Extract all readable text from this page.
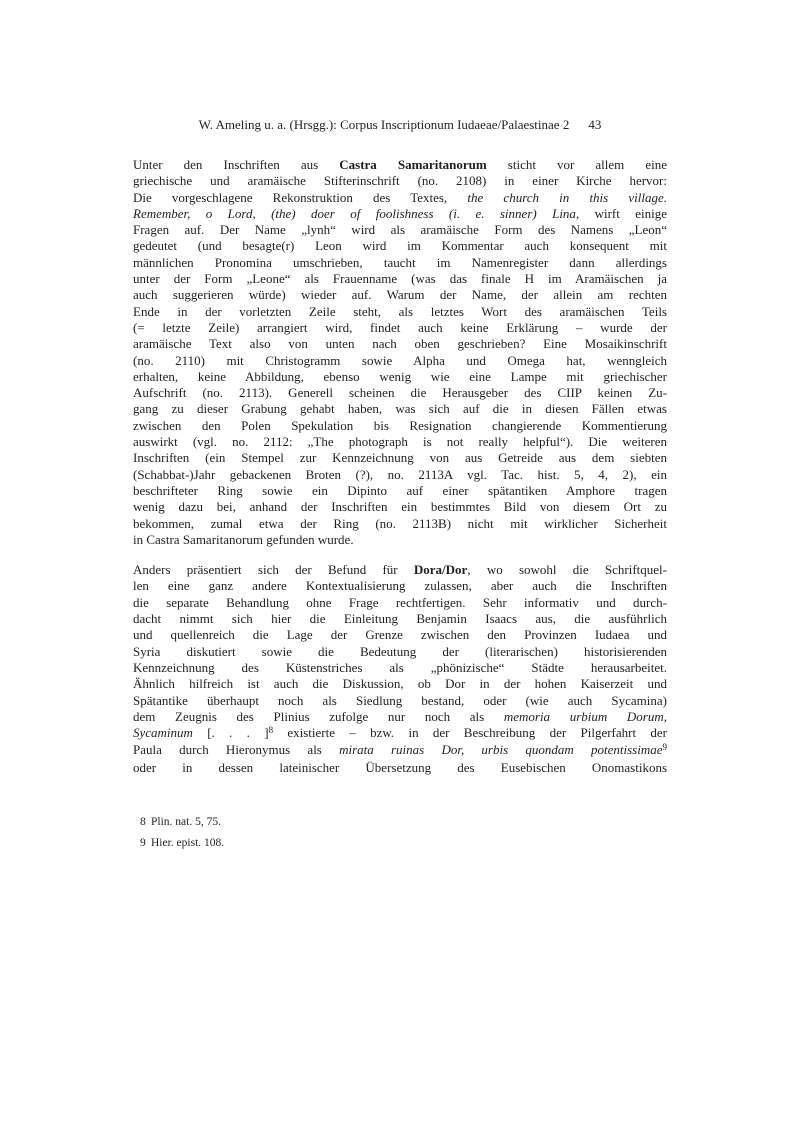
W. Ameling u. a. (Hrsgg.): Corpus Inscriptionum Iudaeae/Palaestinae 2 43
Unter den Inschriften aus Castra Samaritanorum sticht vor allem eine
griechische und aramäische Stifterinschrift (no. 2108) in einer Kirche hervor:
Die vorgeschlagene Rekonstruktion des Textes, the church in this village.
Remember, o Lord, (the) doer of foolishness (i. e. sinner) Lina, wirft einige
Fragen auf. Der Name „lynh“ wird als aramäische Form des Namens „Leon“
gedeutet (und besagte(r) Leon wird im Kommentar auch konsequent mit
männlichen Pronomina umschrieben, taucht im Namenregister dann allerdings
unter der Form „Leone“ als Frauenname (was das finale H im Aramäischen ja
auch suggerieren würde) wieder auf. Warum der Name, der allein am rechten
Ende in der vorletzten Zeile steht, als letztes Wort des aramäischen Teils
(= letzte Zeile) arrangiert wird, findet auch keine Erklärung – wurde der
aramäische Text also von unten nach oben geschrieben? Eine Mosaikinschrift
(no. 2110) mit Christogramm sowie Alpha und Omega hat, wenngleich
erhalten, keine Abbildung, ebenso wenig wie eine Lampe mit griechischer
Aufschrift (no. 2113). Generell scheinen die Herausgeber des CIIP keinen Zu-
gang zu dieser Grabung gehabt haben, was sich auf die in diesen Fällen etwas
zwischen den Polen Spekulation bis Resignation changierende Kommentierung
auswirkt (vgl. no. 2112: „The photograph is not really helpful“). Die weiteren
Inschriften (ein Stempel zur Kennzeichnung von aus Getreide aus dem siebten
(Schabbat-)Jahr gebackenen Broten (?), no. 2113A vgl. Tac. hist. 5, 4, 2), ein
beschrifteter Ring sowie ein Dipinto auf einer spätantiken Amphore tragen
wenig dazu bei, anhand der Inschriften ein bestimmtes Bild von diesem Ort zu
bekommen, zumal etwa der Ring (no. 2113B) nicht mit wirklicher Sicherheit
in Castra Samaritanorum gefunden wurde.
Anders präsentiert sich der Befund für Dora/Dor, wo sowohl die Schriftquel-
len eine ganz andere Kontextualisierung zulassen, aber auch die Inschriften
die separate Behandlung ohne Frage rechtfertigen. Sehr informativ und durch-
dacht nimmt sich hier die Einleitung Benjamin Isaacs aus, die ausführlich
und quellenreich die Lage der Grenze zwischen den Provinzen Iudaea und
Syria diskutiert sowie die Bedeutung der (literarischen) historisierenden
Kennzeichnung des Küstenstriches als „phönizische“ Städte herausarbeitet.
Ähnlich hilfreich ist auch die Diskussion, ob Dor in der hohen Kaiserzeit und
Spätantike überhaupt noch als Siedlung bestand, oder (wie auch Sycamina)
dem Zeugnis des Plinius zufolge nur noch als memoria urbium Dorum,
Sycaminum [. . . ]$^8$ existierte – bzw. in der Beschreibung der Pilgerfahrt der
Paula durch Hieronymus als mirata ruinas Dor, urbis quondam potentissimae$^9$
oder in dessen lateinischer Übersetzung des Eusebischen Onomastikons
8 Plin. nat. 5, 75.
9 Hier. epist. 108.
